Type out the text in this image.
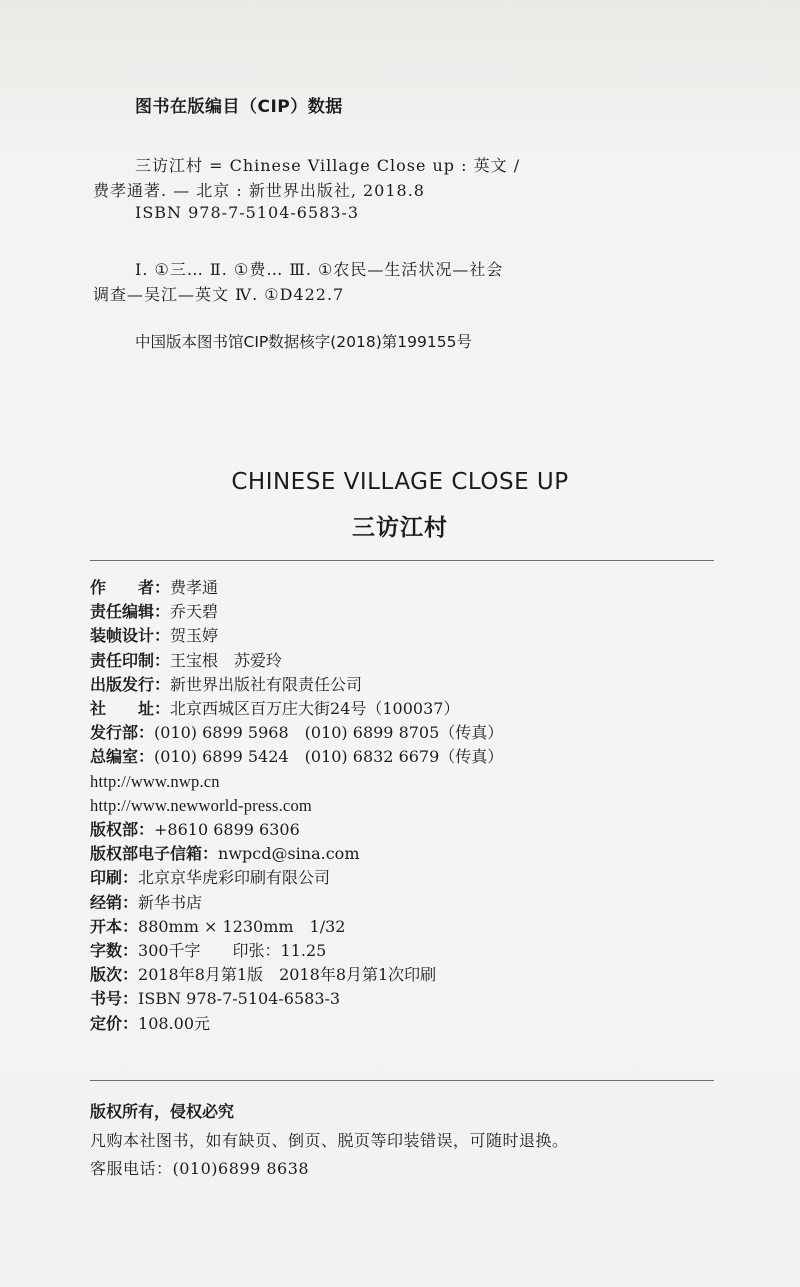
图书在版编目（CIP）数据
三访江村 = Chinese Village Close up : 英文 /
费孝通著. — 北京 : 新世界出版社, 2018.8
ISBN 978-7-5104-6583-3
Ⅰ. ①三… Ⅱ. ①费… Ⅲ. ①农民—生活状况—社会
调查—吴江—英文 Ⅳ. ①D422.7
中国版本图书馆CIP数据核字(2018)第199155号
CHINESE VILLAGE CLOSE UP
三访江村
作　　者：费孝通
责任编辑：乔天碧
装帧设计：贺玉婷
责任印制：王宝根　苏爱玲
出版发行：新世界出版社有限责任公司
社　　址：北京西城区百万庄大街24号（100037）
发行部：(010) 6899 5968　(010) 6899 8705（传真）
总编室：(010) 6899 5424　(010) 6832 6679（传真）
http://www.nwp.cn
http://www.newworld-press.com
版权部：+8610 6899 6306
版权部电子信箱：nwpcd@sina.com
印刷：北京京华虎彩印刷有限公司
经销：新华书店
开本：880mm × 1230mm　1/32
字数：300千字　　印张：11.25
版次：2018年8月第1版　2018年8月第1次印刷
书号：ISBN 978-7-5104-6583-3
定价：108.00元
版权所有，侵权必究
凡购本社图书，如有缺页、倒页、脱页等印装错误，可随时退换。
客服电话：(010)6899 8638
